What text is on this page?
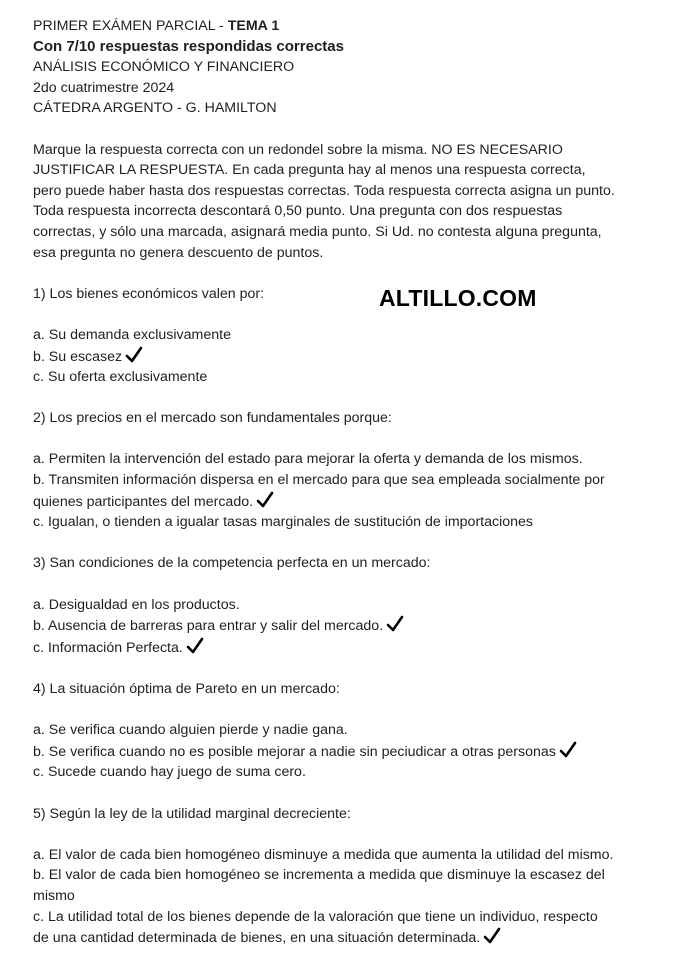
PRIMER EXÁMEN PARCIAL - TEMA 1
Con 7/10 respuestas respondidas correctas
ANÁLISIS ECONÓMICO Y FINANCIERO
2do cuatrimestre 2024
CÁTEDRA ARGENTO - G. HAMILTON
Marque la respuesta correcta con un redondel sobre la misma. NO ES NECESARIO
JUSTIFICAR LA RESPUESTA. En cada pregunta hay al menos una respuesta correcta,
pero puede haber hasta dos respuestas correctas. Toda respuesta correcta asigna un punto.
Toda respuesta incorrecta descontará 0,50 punto. Una pregunta con dos respuestas
correctas, y sólo una marcada, asignará media punto. Si Ud. no contesta alguna pregunta,
esa pregunta no genera descuento de puntos.
1) Los bienes económicos valen por:
a. Su demanda exclusivamente
b. Su escasez
c. Su oferta exclusivamente
2) Los precios en el mercado son fundamentales porque:
a. Permiten la intervención del estado para mejorar la oferta y demanda de los mismos.
b. Transmiten información dispersa en el mercado para que sea empleada socialmente por
quienes participantes del mercado.
c. Igualan, o tienden a igualar tasas marginales de sustitución de importaciones
3) San condiciones de la competencia perfecta en un mercado:
a. Desigualdad en los productos.
b. Ausencia de barreras para entrar y salir del mercado.
c. Información Perfecta.
4) La situación óptima de Pareto en un mercado:
a. Se verifica cuando alguien pierde y nadie gana.
b. Se verifica cuando no es posible mejorar a nadie sin peciudicar a otras personas
c. Sucede cuando hay juego de suma cero.
5) Según la ley de la utilidad marginal decreciente:
a. El valor de cada bien homogéneo disminuye a medida que aumenta la utilidad del mismo.
b. El valor de cada bien homogéneo se incrementa a medida que disminuye la escasez del
mismo
c. La utilidad total de los bienes depende de la valoración que tiene un individuo, respecto
de una cantidad determinada de bienes, en una situación determinada.
ALTILLO.COM
